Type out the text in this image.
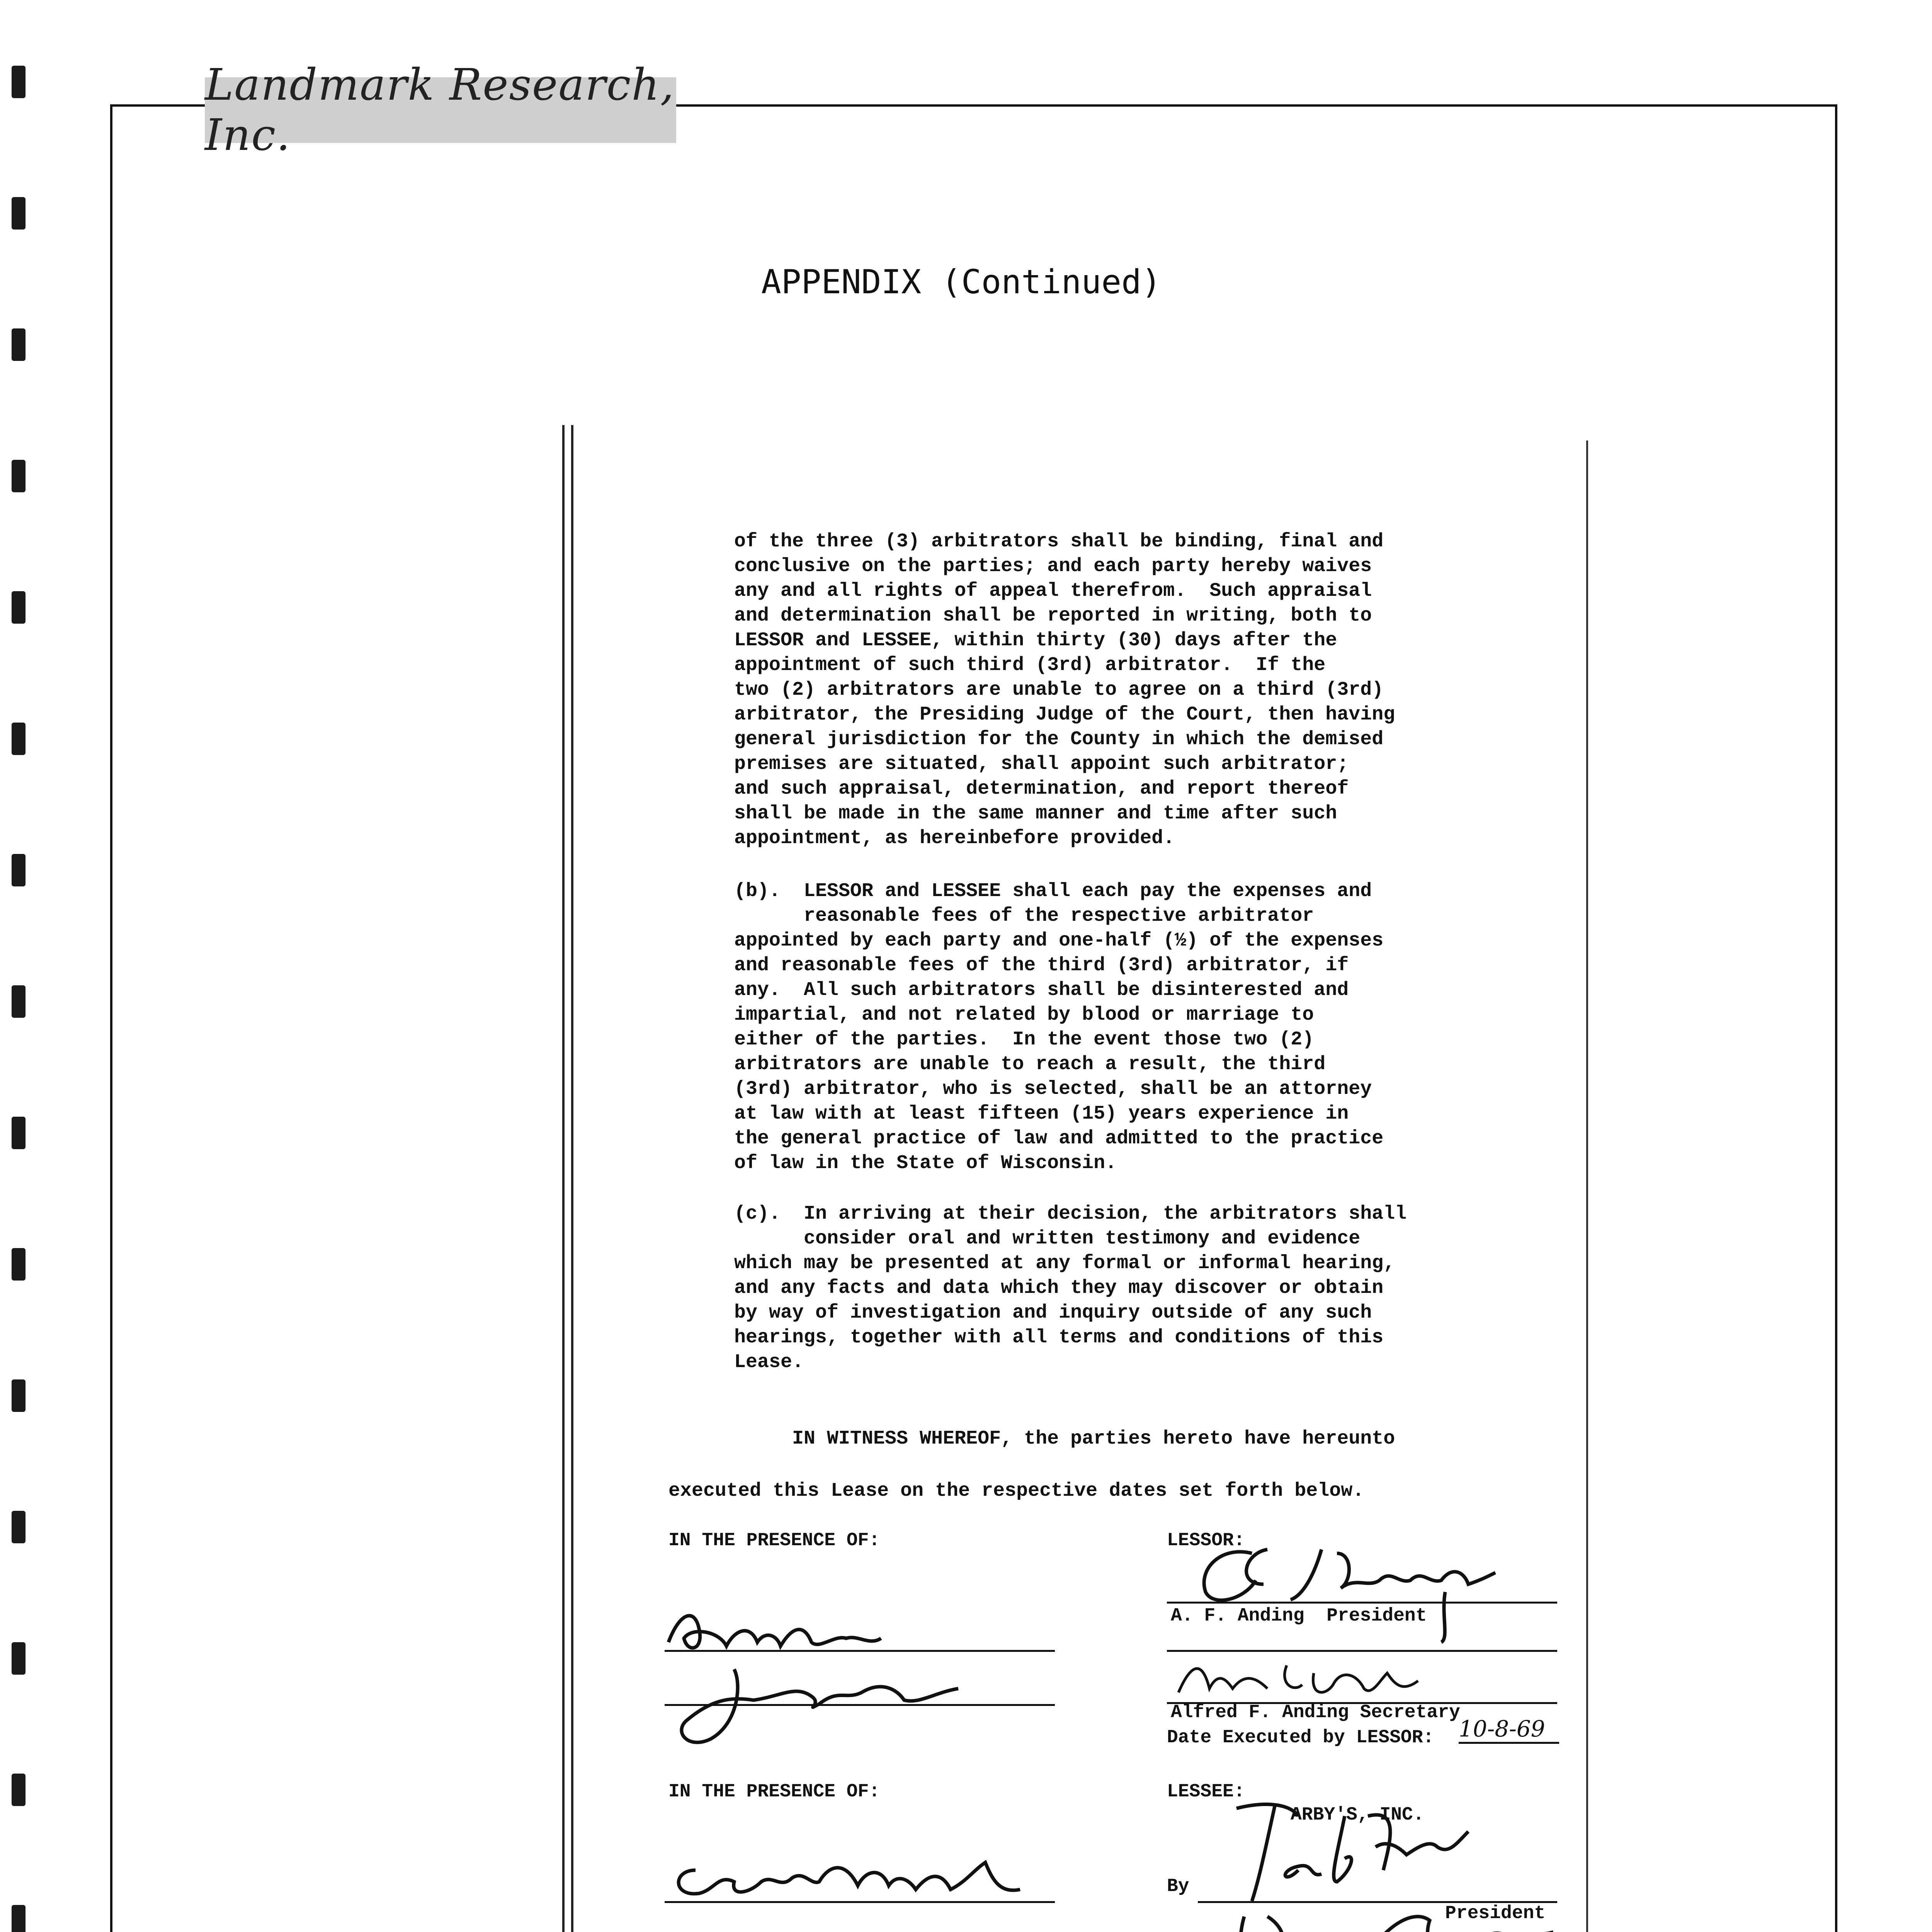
Landmark Research, Inc.
APPENDIX (Continued)
of the three (3) arbitrators shall be binding, final and
conclusive on the parties; and each party hereby waives
any and all rights of appeal therefrom.  Such appraisal
and determination shall be reported in writing, both to
LESSOR and LESSEE, within thirty (30) days after the
appointment of such third (3rd) arbitrator.  If the
two (2) arbitrators are unable to agree on a third (3rd)
arbitrator, the Presiding Judge of the Court, then having
general jurisdiction for the County in which the demised
premises are situated, shall appoint such arbitrator;
and such appraisal, determination, and report thereof
shall be made in the same manner and time after such
appointment, as hereinbefore provided.
(b).  LESSOR and LESSEE shall each pay the expenses and
reasonable fees of the respective arbitrator
appointed by each party and one-half (½) of the expenses
and reasonable fees of the third (3rd) arbitrator, if
any.  All such arbitrators shall be disinterested and
impartial, and not related by blood or marriage to
either of the parties.  In the event those two (2)
arbitrators are unable to reach a result, the third
(3rd) arbitrator, who is selected, shall be an attorney
at law with at least fifteen (15) years experience in
the general practice of law and admitted to the practice
of law in the State of Wisconsin.
(c).  In arriving at their decision, the arbitrators shall
consider oral and written testimony and evidence
which may be presented at any formal or informal hearing,
and any facts and data which they may discover or obtain
by way of investigation and inquiry outside of any such
hearings, together with all terms and conditions of this
Lease.
IN WITNESS WHEREOF, the parties hereto have hereunto
executed this Lease on the respective dates set forth below.
IN THE PRESENCE OF:
IN THE PRESENCE OF:
LESSOR:
A. F. Anding  President
Alfred F. Anding Secretary
Date Executed by LESSOR: 10-8-69
LESSEE:
ARBY'S, INC.
By
President
